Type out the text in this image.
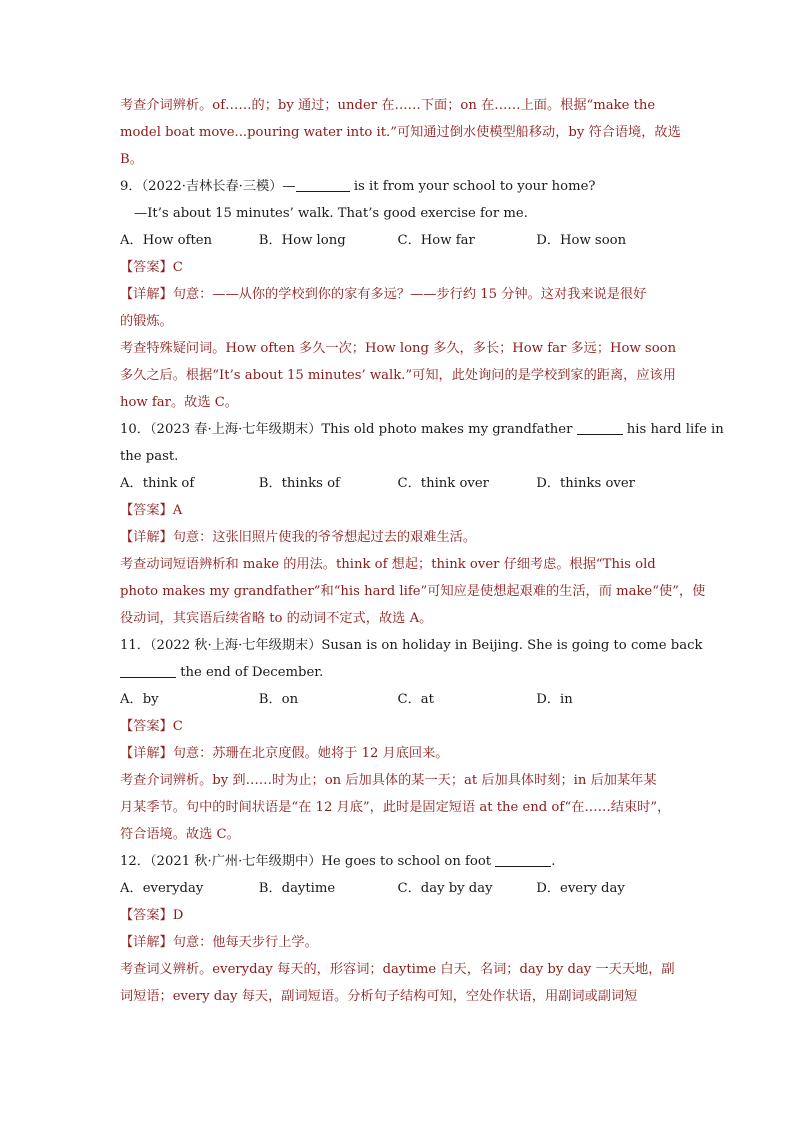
考查介词辨析。of……的；by 通过；under 在……下面；on 在……上面。根据“make the
model boat move...pouring water into it.”可知通过倒水使模型船移动，by 符合语境，故选
B。
9．（2022·吉林长春·三模）—	is it from your school to your home?
—It’s about 15 minutes’ walk. That’s good exercise for me.
A．How often	B．How long	C．How far	D．How soon
【答案】C
【详解】句意：——从你的学校到你的家有多远？——步行约 15 分钟。这对我来说是很好
的锻炼。
考查特殊疑问词。How often 多久一次；How long 多久，多长；How far 多远；How soon
多久之后。根据“It’s about 15 minutes’ walk.”可知，此处询问的是学校到家的距离，应该用
how far。故选 C。
10．（2023 春·上海·七年级期末）This old photo makes my grandfather	his hard life in
the past.
A．think of	B．thinks of	C．think over	D．thinks over
【答案】A
【详解】句意：这张旧照片使我的爷爷想起过去的艰难生活。
考查动词短语辨析和 make 的用法。think of 想起；think over 仔细考虑。根据“This old
photo makes my grandfather”和“his hard life”可知应是使想起艰难的生活，而 make“使”，使
役动词，其宾语后续省略 to 的动词不定式，故选 A。
11．（2022 秋·上海·七年级期末）Susan is on holiday in Beijing. She is going to come back
the end of December.
A．by	B．on	C．at	D．in
【答案】C
【详解】句意：苏珊在北京度假。她将于 12 月底回来。
考查介词辨析。by 到……时为止；on 后加具体的某一天；at 后加具体时刻；in 后加某年某
月某季节。句中的时间状语是“在 12 月底”，此时是固定短语 at the end of“在……结束时”，
符合语境。故选 C。
12．（2021 秋·广州·七年级期中）He goes to school on foot	.
A．everyday	B．daytime	C．day by day	D．every day
【答案】D
【详解】句意：他每天步行上学。
考查词义辨析。everyday 每天的，形容词；daytime 白天，名词；day by day 一天天地，副
词短语；every day 每天，副词短语。分析句子结构可知，空处作状语，用副词或副词短
